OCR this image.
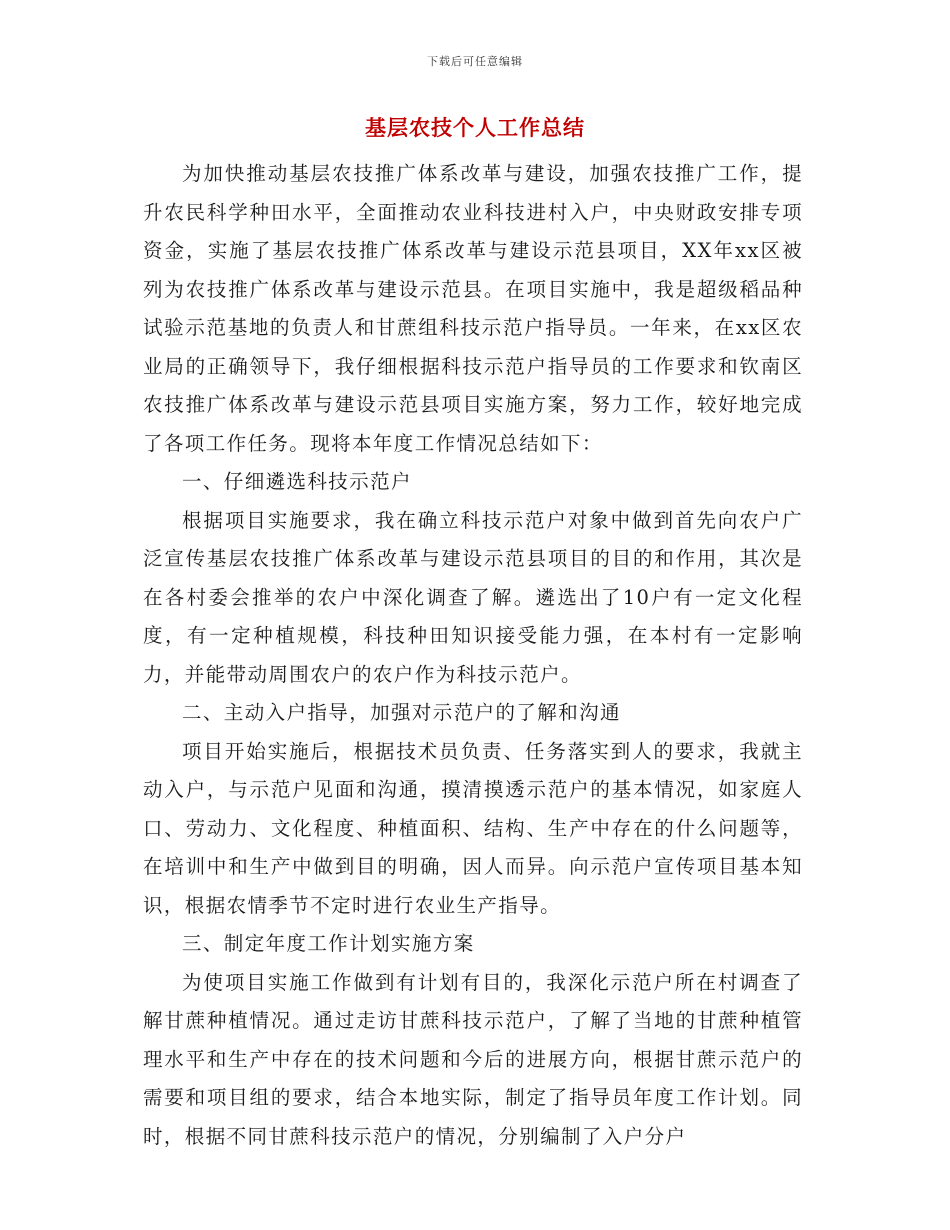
下载后可任意编辑
基层农技个人工作总结

为加快推动基层农技推广体系改革与建设，加强农技推广工作，提升农民科学种田水平，全面推动农业科技进村入户，中央财政安排专项资金，实施了基层农技推广体系改革与建设示范县项目，XX年xx区被列为农技推广体系改革与建设示范县。在项目实施中，我是超级稻品种试验示范基地的负责人和甘蔗组科技示范户指导员。一年来，在xx区农业局的正确领导下，我仔细根据科技示范户指导员的工作要求和钦南区农技推广体系改革与建设示范县项目实施方案，努力工作，较好地完成了各项工作任务。现将本年度工作情况总结如下：

一、仔细遴选科技示范户

根据项目实施要求，我在确立科技示范户对象中做到首先向农户广泛宣传基层农技推广体系改革与建设示范县项目的目的和作用，其次是在各村委会推举的农户中深化调查了解。遴选出了10户有一定文化程度，有一定种植规模，科技种田知识接受能力强，在本村有一定影响力，并能带动周围农户的农户作为科技示范户。

二、主动入户指导，加强对示范户的了解和沟通

项目开始实施后，根据技术员负责、任务落实到人的要求，我就主动入户，与示范户见面和沟通，摸清摸透示范户的基本情况，如家庭人口、劳动力、文化程度、种植面积、结构、生产中存在的什么问题等，在培训中和生产中做到目的明确，因人而异。向示范户宣传项目基本知识，根据农情季节不定时进行农业生产指导。

三、制定年度工作计划实施方案

为使项目实施工作做到有计划有目的，我深化示范户所在村调查了解甘蔗种植情况。通过走访甘蔗科技示范户，了解了当地的甘蔗种植管理水平和生产中存在的技术问题和今后的进展方向，根据甘蔗示范户的需要和项目组的要求，结合本地实际，制定了指导员年度工作计划。同时，根据不同甘蔗科技示范户的情况，分别编制了入户分户
